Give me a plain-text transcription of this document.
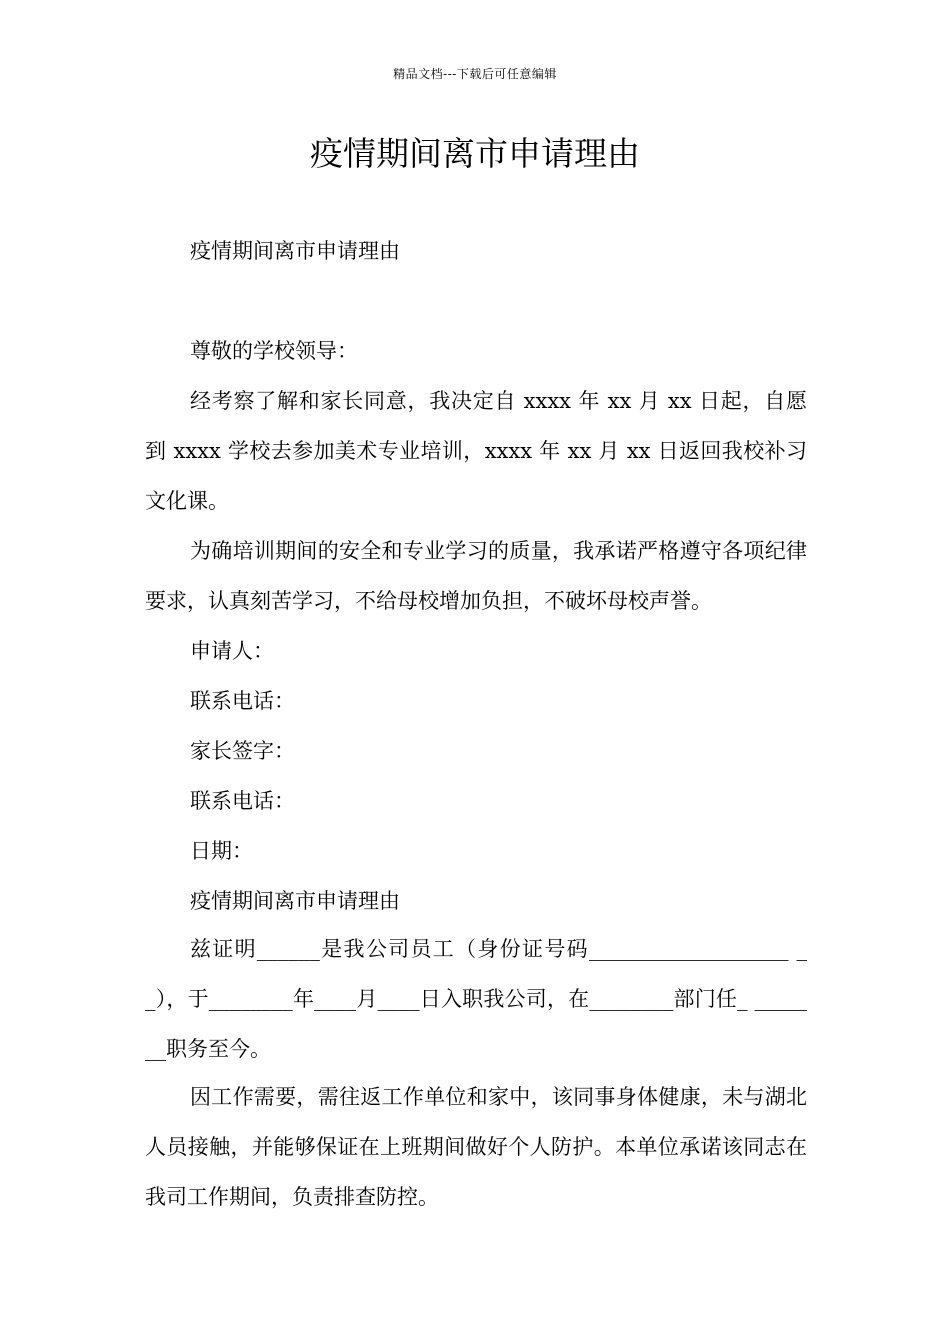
精品文档---下载后可任意编辑
疫情期间离市申请理由

疫情期间离市申请理由

尊敬的学校领导：

经考察了解和家长同意，我决定自 xxxx 年 xx 月 xx 日起，自愿到 xxxx 学校去参加美术专业培训，xxxx 年 xx 月 xx 日返回我校补习文化课。

为确培训期间的安全和专业学习的质量，我承诺严格遵守各项纪律要求，认真刻苦学习，不给母校增加负担，不破坏母校声誉。

申请人：

联系电话：

家长签字：

联系电话：

日期：

疫情期间离市申请理由

兹证明______是我公司员工（身份证号码___________________ __），于________年____月____日入职我公司，在________部门任_ _______职务至今。

因工作需要，需往返工作单位和家中，该同事身体健康，未与湖北人员接触，并能够保证在上班期间做好个人防护。本单位承诺该同志在我司工作期间，负责排查防控。
